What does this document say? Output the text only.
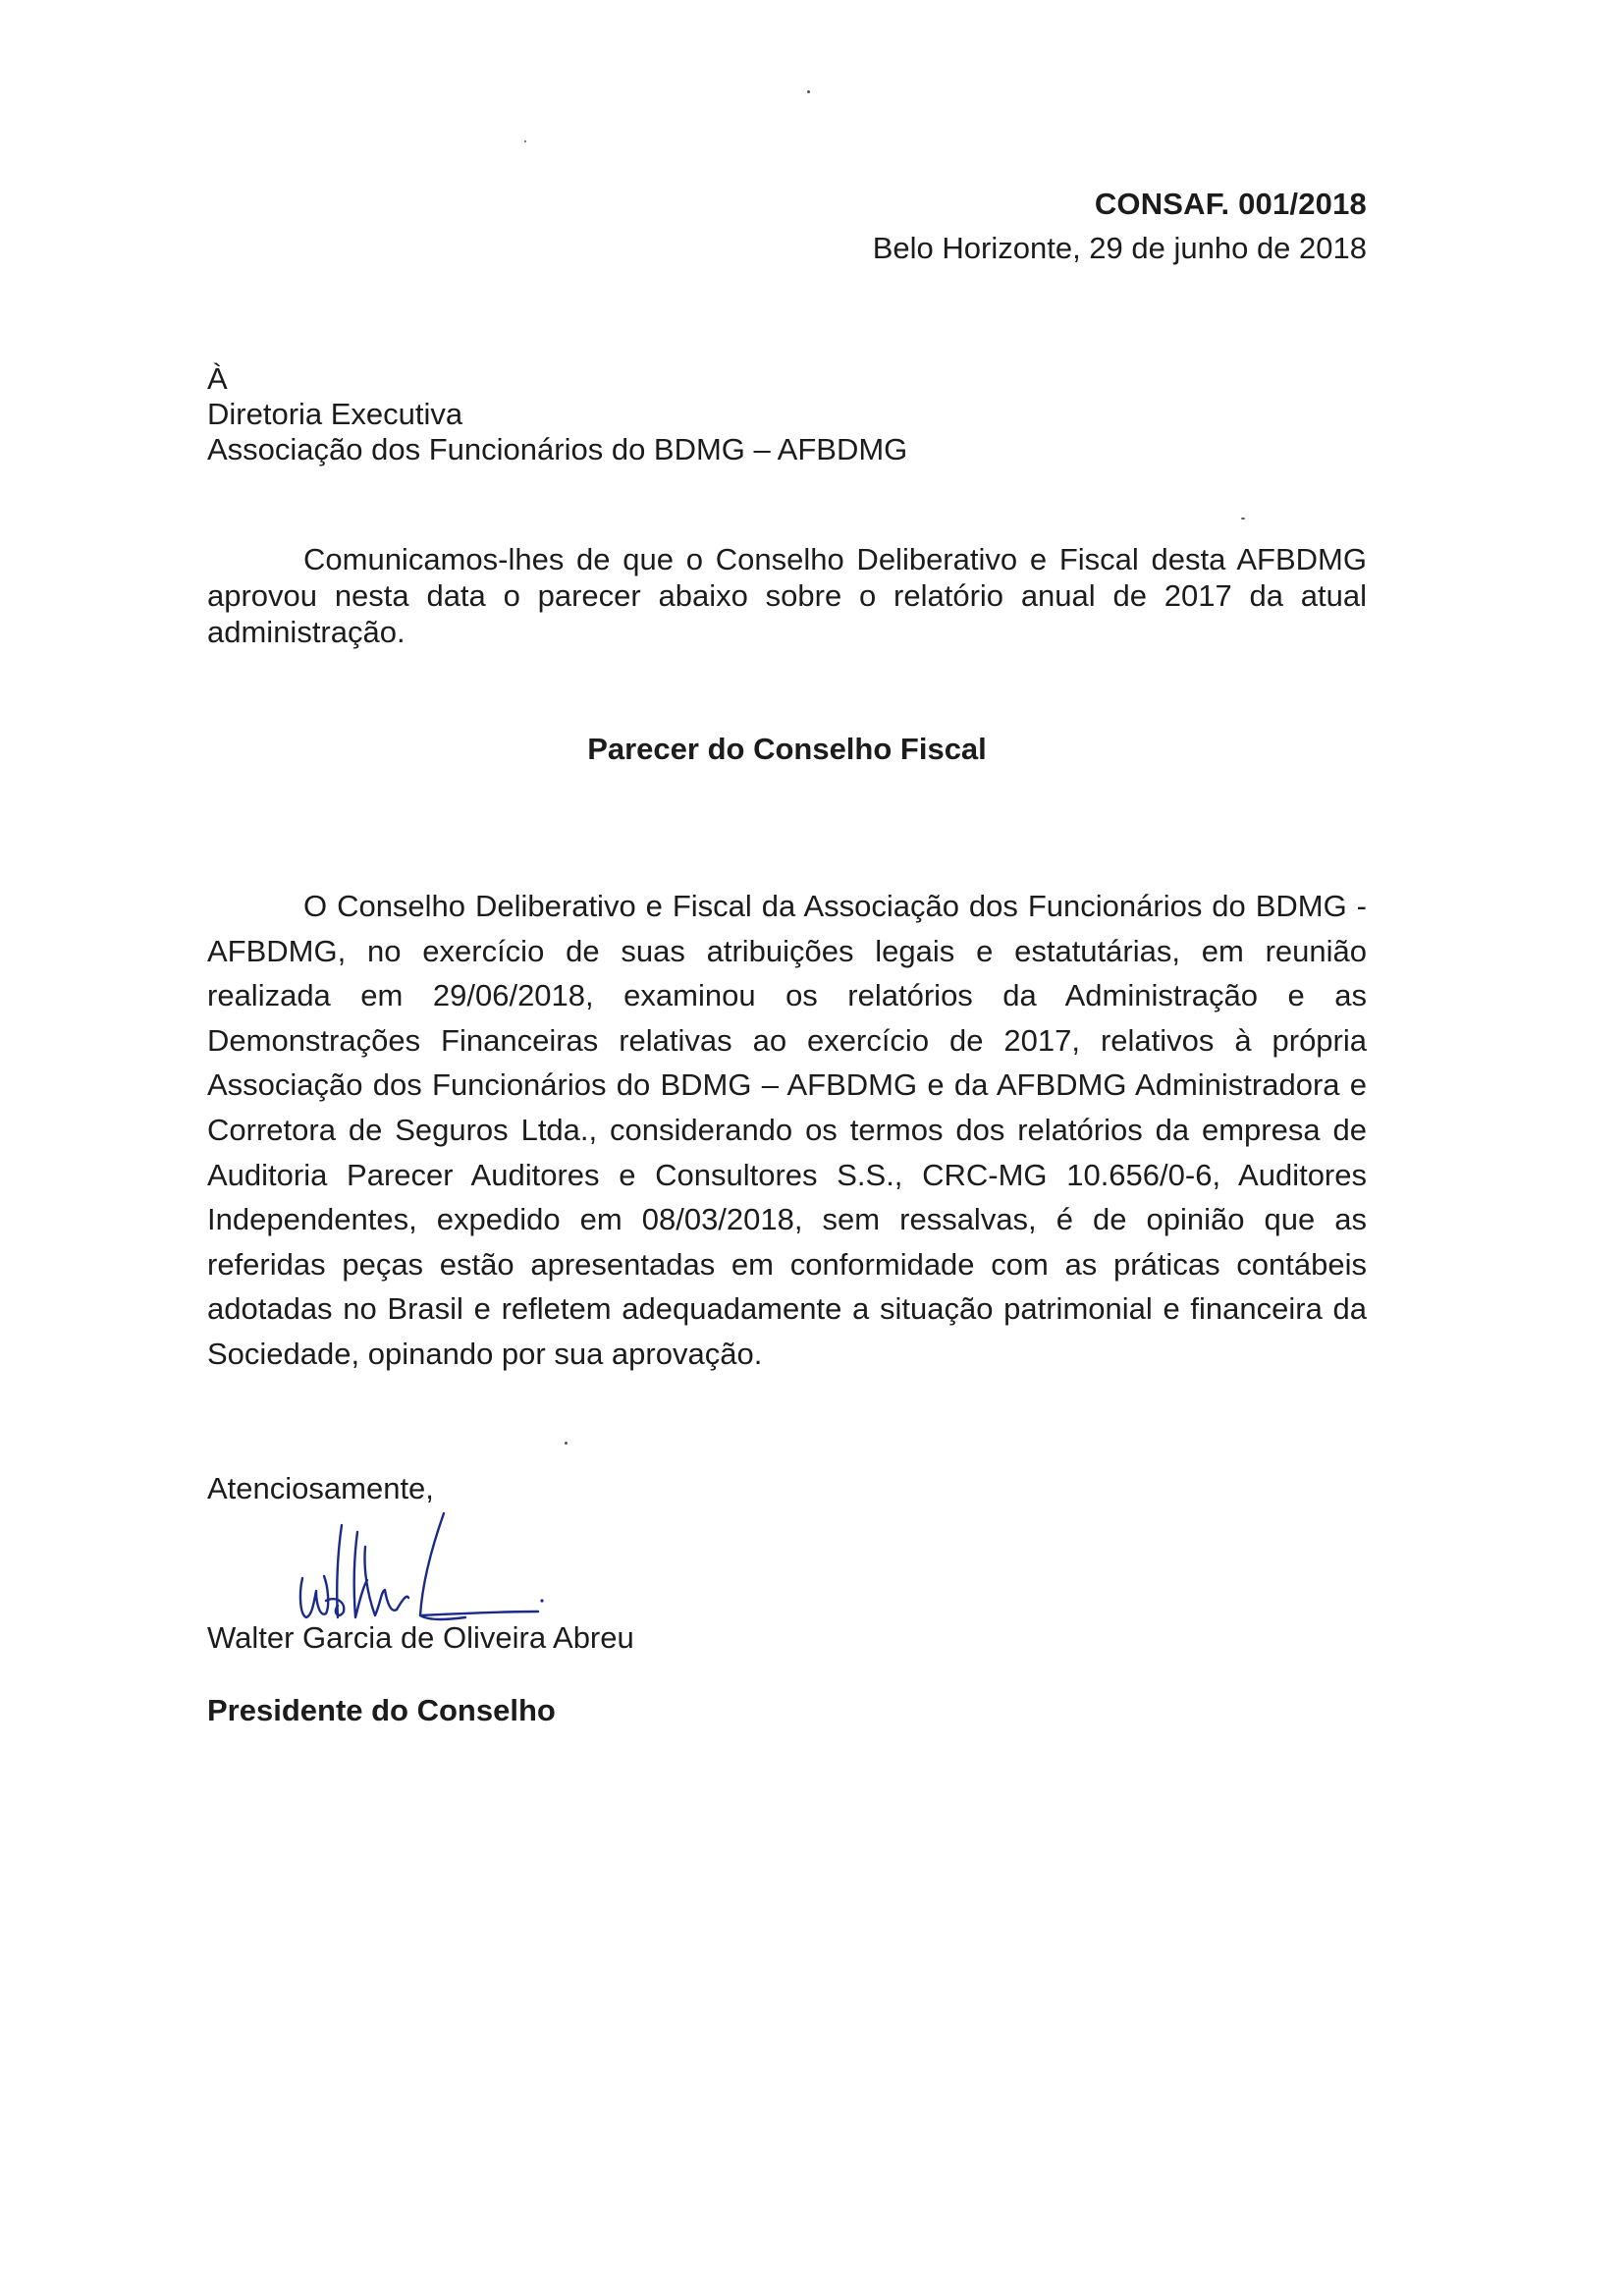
CONSAF. 001/2018
Belo Horizonte, 29 de junho de 2018
À
Diretoria Executiva
Associação dos Funcionários do BDMG – AFBDMG

Comunicamos-lhes de que o Conselho Deliberativo e Fiscal desta AFBDMG aprovou nesta data o parecer abaixo sobre o relatório anual de 2017 da atual administração.

Parecer do Conselho Fiscal

O Conselho Deliberativo e Fiscal da Associação dos Funcionários do BDMG - AFBDMG, no exercício de suas atribuições legais e estatutárias, em reunião realizada em 29/06/2018, examinou os relatórios da Administração e as Demonstrações Financeiras relativas ao exercício de 2017, relativos à própria Associação dos Funcionários do BDMG – AFBDMG e da AFBDMG Administradora e Corretora de Seguros Ltda., considerando os termos dos relatórios da empresa de Auditoria Parecer Auditores e Consultores S.S., CRC-MG 10.656/0-6, Auditores Independentes, expedido em 08/03/2018, sem ressalvas, é de opinião que as referidas peças estão apresentadas em conformidade com as práticas contábeis adotadas no Brasil e refletem adequadamente a situação patrimonial e financeira da Sociedade, opinando por sua aprovação.

Atenciosamente,
Walter Garcia de Oliveira Abreu
Presidente do Conselho
